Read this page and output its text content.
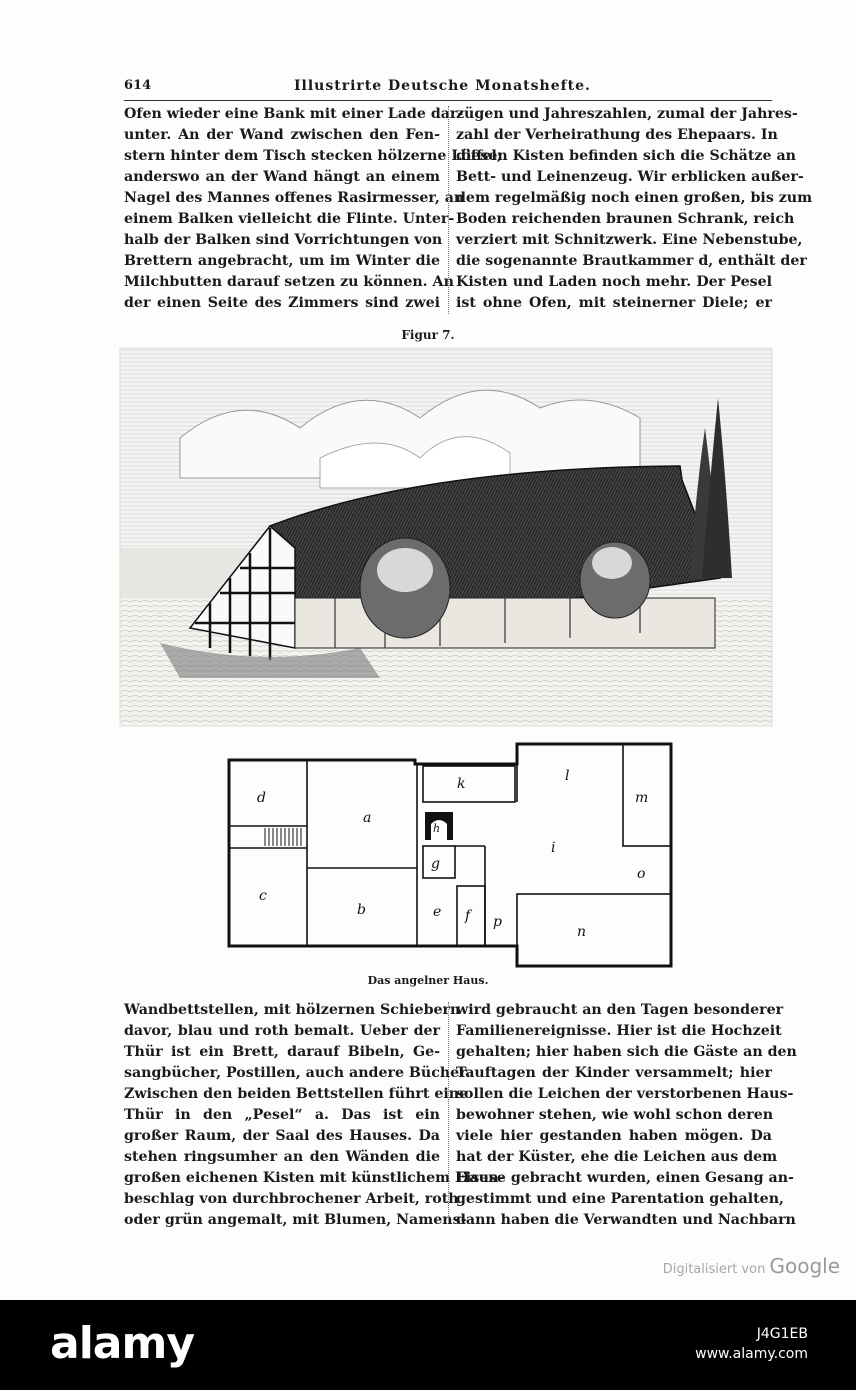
614	Illustrirte Deutsche Monatshefte.
Ofen wieder eine Bank mit einer Lade dar-
unter. An der Wand zwischen den Fen-
stern hinter dem Tisch stecken hölzerne Löffel;
anderswo an der Wand hängt an einem
Nagel des Mannes offenes Rasirmesser, an
einem Balken vielleicht die Flinte. Unter-
halb der Balken sind Vorrichtungen von
Brettern angebracht, um im Winter die
Milchbutten darauf setzen zu können. An
der einen Seite des Zimmers sind zwei
zügen und Jahreszahlen, zumal der Jahres-
zahl der Verheirathung des Ehepaars. In
diesen Kisten befinden sich die Schätze an
Bett- und Leinenzeug. Wir erblicken außer-
dem regelmäßig noch einen großen, bis zum
Boden reichenden braunen Schrank, reich
verziert mit Schnitzwerk. Eine Nebenstube,
die sogenannte Brautkammer d, enthält der
Kisten und Laden noch mehr. Der Pesel
ist ohne Ofen, mit steinerner Diele; er
Figur 7.
d
a
c
b
k
h
g
e f p
l
m
i
o
n
Das angelner Haus.
Wandbettstellen, mit hölzernen Schiebern
davor, blau und roth bemalt. Ueber der
Thür ist ein Brett, darauf Bibeln, Ge-
sangbücher, Postillen, auch andere Bücher.
Zwischen den beiden Bettstellen führt eine
Thür in den „Pesel“ a. Das ist ein
großer Raum, der Saal des Hauses. Da
stehen ringsumher an den Wänden die
großen eichenen Kisten mit künstlichem Eisen-
beschlag von durchbrochener Arbeit, roth
oder grün angemalt, mit Blumen, Namens-
wird gebraucht an den Tagen besonderer
Familienereignisse. Hier ist die Hochzeit
gehalten; hier haben sich die Gäste an den
Tauftagen der Kinder versammelt; hier
sollen die Leichen der verstorbenen Haus-
bewohner stehen, wie wohl schon deren
viele hier gestanden haben mögen. Da
hat der Küster, ehe die Leichen aus dem
Hause gebracht wurden, einen Gesang an-
gestimmt und eine Parentation gehalten,
dann haben die Verwandten und Nachbarn
Digitalisiert von Google
alamy	J4G1EB
www.alamy.com
